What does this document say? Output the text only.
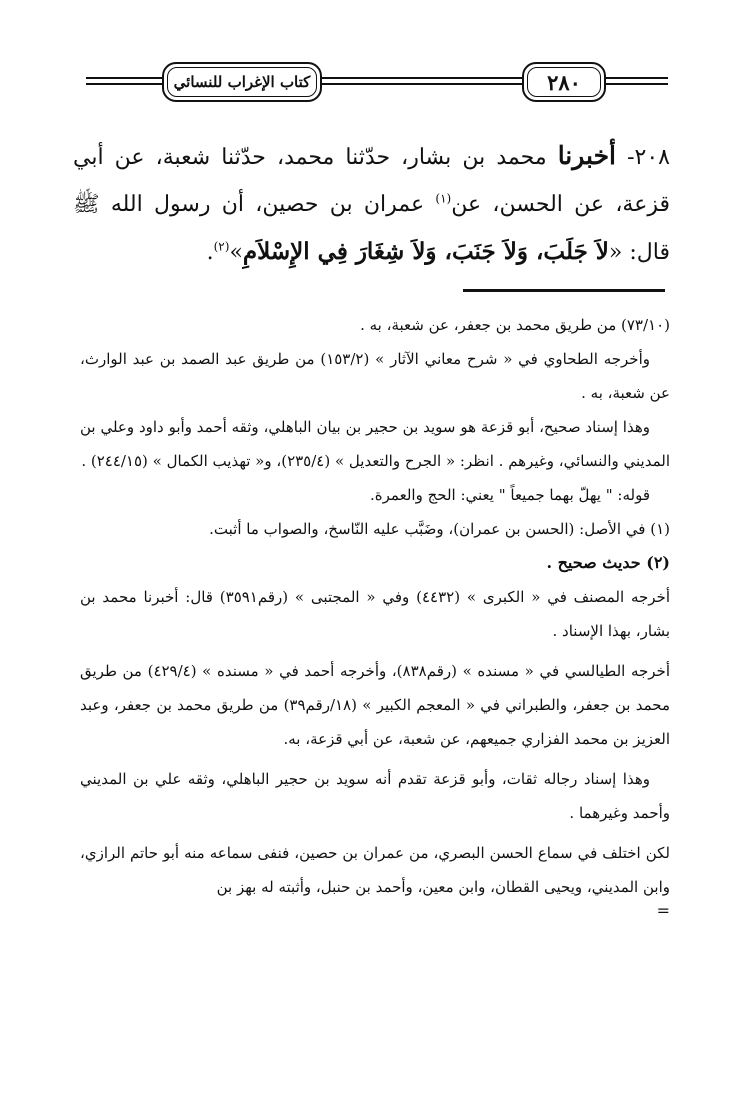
كتاب الإغراب للنسائي	٢٨٠

٢٠٨- أخبرنا محمد بن بشار، حدّثنا محمد، حدّثنا شعبة، عن أبي قزعة، عن الحسن، عن$^{(١)}$ عمران بن حصين، أن رسول الله ﷺ قال: «لاَ جَلَبَ، وَلاَ جَنَبَ، وَلاَ شِغَارَ فِي الإِسْلاَمِ»$^{(٢)}$.

(٧٣/١٠) من طريق محمد بن جعفر، عن شعبة، به .

وأخرجه الطحاوي في « شرح معاني الآثار » (١٥٣/٢) من طريق عبد الصمد بن عبد الوارث، عن شعبة، به .

وهذا إسناد صحيح، أبو قزعة هو سويد بن حجير بن بيان الباهلي، وثقه أحمد وأبو داود وعلي بن المديني والنسائي، وغيرهم . انظر: « الجرح والتعديل » (٢٣٥/٤)، و« تهذيب الكمال » (٢٤٤/١٥) .

قوله: " يهلّ بهما جميعاً " يعني: الحج والعمرة.

(١) في الأصل: (الحسن بن عمران)، وضَبَّب عليه النّاسخ، والصواب ما أثبت.

(٢) حديث صحيح .

أخرجه المصنف في « الكبرى » (٤٤٣٢) وفي « المجتبى » (رقم٣٥٩١) قال: أخبرنا محمد بن بشار، بهذا الإسناد .

أخرجه الطيالسي في « مسنده » (رقم٨٣٨)، وأخرجه أحمد في « مسنده » (٤٢٩/٤) من طريق محمد بن جعفر، والطبراني في « المعجم الكبير » (١٨/رقم٣٩) من طريق محمد بن جعفر، وعبد العزيز بن محمد الفزاري جميعهم، عن شعبة، عن أبي قزعة، به.

وهذا إسناد رجاله ثقات، وأبو قزعة تقدم أنه سويد بن حجير الباهلي، وثقه علي بن المديني وأحمد وغيرهما .

لكن اختلف في سماع الحسن البصري، من عمران بن حصين، فنفى سماعه منه أبو حاتم الرازي، وابن المديني، ويحيى القطان، وابن معين، وأحمد بن حنبل، وأثبته له بهز بن

=
